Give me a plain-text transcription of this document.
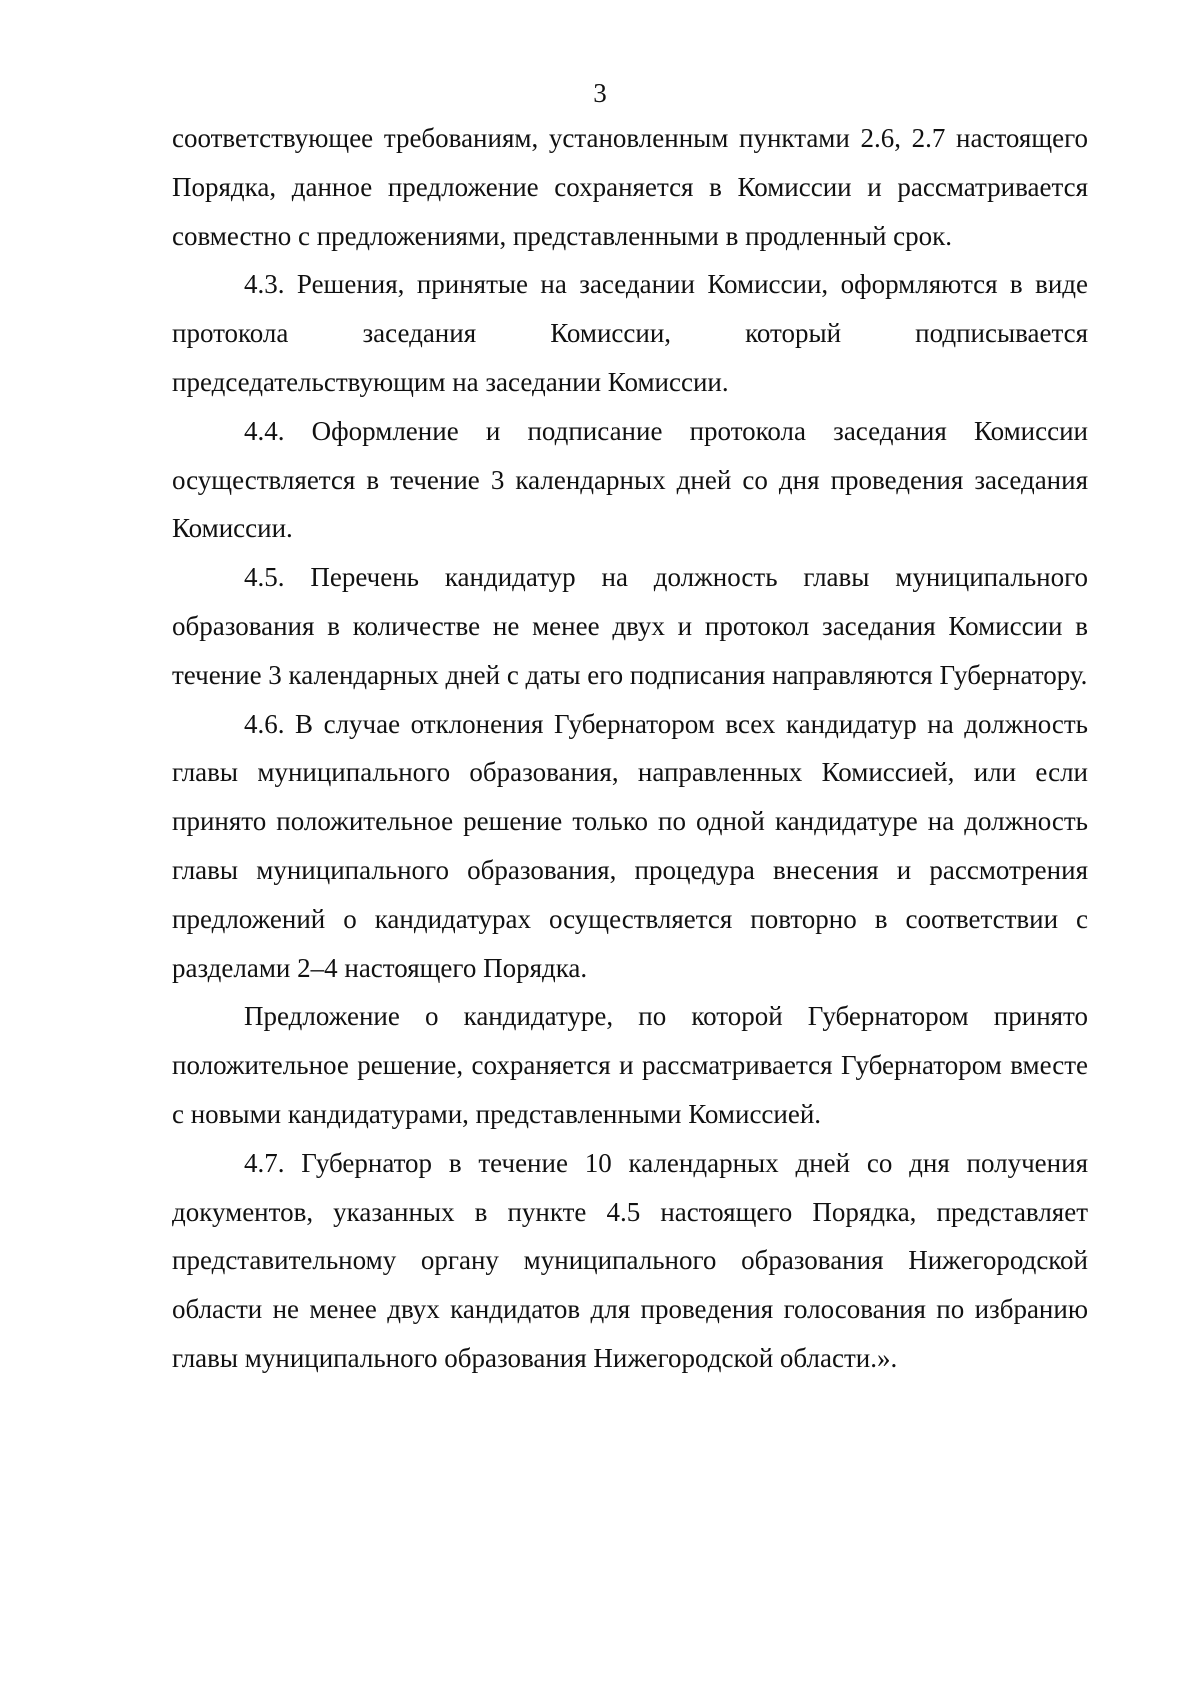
3

соответствующее требованиям, установленным пунктами 2.6, 2.7 настоящего Порядка, данное предложение сохраняется в Комиссии и рассматривается совместно с предложениями, представленными в продленный срок.

4.3. Решения, принятые на заседании Комиссии, оформляются в виде протокола заседания Комиссии, который подписывается председательствующим на заседании Комиссии.

4.4. Оформление и подписание протокола заседания Комиссии осуществляется в течение 3 календарных дней со дня проведения заседания Комиссии.

4.5. Перечень кандидатур на должность главы муниципального образования в количестве не менее двух и протокол заседания Комиссии в течение 3 календарных дней с даты его подписания направляются Губернатору.

4.6. В случае отклонения Губернатором всех кандидатур на должность главы муниципального образования, направленных Комиссией, или если принято положительное решение только по одной кандидатуре на должность главы муниципального образования, процедура внесения и рассмотрения предложений о кандидатурах осуществляется повторно в соответствии с разделами 2–4 настоящего Порядка.

Предложение о кандидатуре, по которой Губернатором принято положительное решение, сохраняется и рассматривается Губернатором вместе с новыми кандидатурами, представленными Комиссией.

4.7. Губернатор в течение 10 календарных дней со дня получения документов, указанных в пункте 4.5 настоящего Порядка, представляет представительному органу муниципального образования Нижегородской области не менее двух кандидатов для проведения голосования по избранию главы муниципального образования Нижегородской области.».
